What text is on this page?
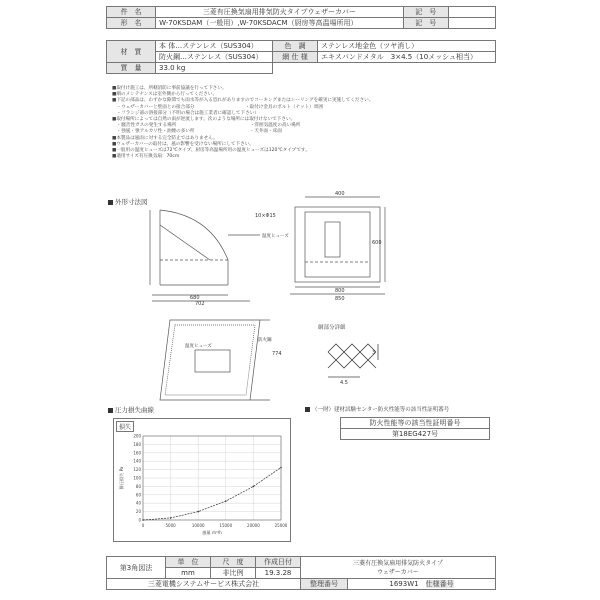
件　名	三菱有圧換気扇用排気防火タイプウェザーカバー	記　号	
形　名	W-70KSDAM（一般用）,W-70KSDACM（厨房等高温場所用）	記　号	
材　質	本 体…ステンレス（SUS304）	色　調	ステンレス地金色（ツヤ消し）
	防火鋼…ステンレス（SUS304）	網 仕 様	エキスパンドメタル　3×4.5（10メッシュ相当）
質　量	33.0 kg		
■取付け施工は、所轄消防に事前協議を行って下さい。
■網のメンテナンスは室外側から行ってください。
■下記の部品は、わずかな隙間でも雨水等が入る恐れがありますのでコーキングまたはシーリングを確実に実施してください。
　・ウェザーカバーと壁面との接合部分　　　　　　　　　　　・取付け金具のボルト（ナット）周囲
　・フランジ部の溶接部分（不明の場合は施工業者に確認して下さい）
■取付場所によっては自然の雨が逆流します。次のような場所には取付けないで下さい。
　・騒音性ガスの発生する場所　　　　　　　　　　　　　　　　・雰囲気温度の高い場所
　・強風・強アルカリ性・油煙の多い所　　　　　　　　　　　　・天井面・床面
■本製品は風雨に対する完全防止ではありません。
■ウェザーカバーの取付は、風の影響を受けない場所にして下さい。
■一般用の温度ヒューズは72℃タイプ、厨房等高温場所用の温度ヒューズは120℃タイプです。
■適用サイズ有圧換気扇：70cm
外形寸法図
温度ヒューズ
680
702
400
800
850
10×Φ15
600
774
温度ヒューズ
防火鋼
網部分詳細
4.5
3
圧力損失曲線	（一財）建材試験センター防火性能等の該当性証明番号
防火性能等の該当性証明番号
第18EG427号
損失
0
20
40
60
80
100
120
140
160
180
200
0	5000	10000	15000	20000	25000
風量 m³/h
静圧損失 Pa
第3角図法	単　位	尺　度	作成日付	三菱有圧換気扇用排気防火タイプ
ウェザーカバー	

	mm	非比例	19.3.28		
三菱電機システムサービス株式会社				整理番号	1693W1　 仕様番号
